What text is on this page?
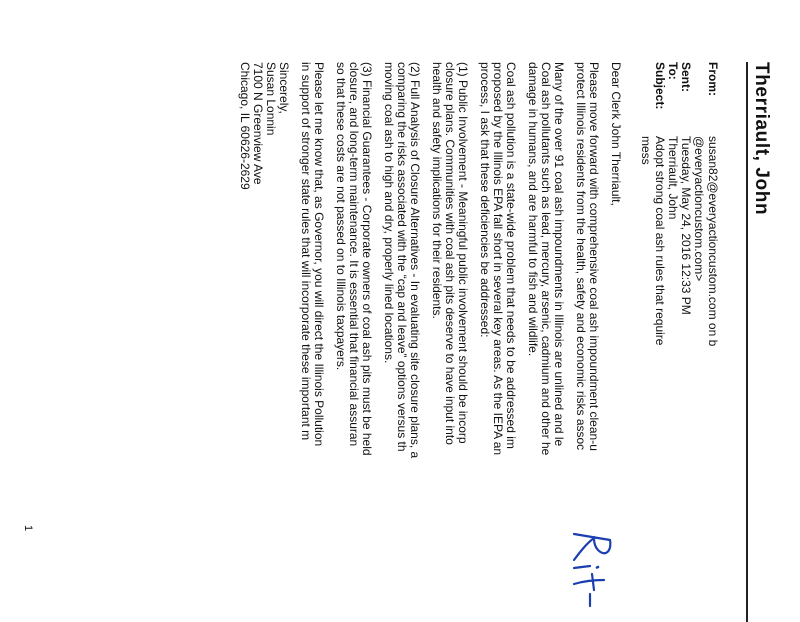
Therriault, John
From:
susan82@everyactioncustom.com on b
@everyactioncustom.com>
Sent:
Tuesday, May 24, 2016 12:33 PM
To:
Therriault, John
Subject:
Adopt strong coal ash rules that require
mess
Dear Clerk John Therriault,
Please move forward with comprehensive coal ash impoundment clean-u
protect Illinois residents from the health, safety and economic risks assoc
Many of the over 91 coal ash impoundments in Illinois are unlined and le
Coal ash pollutants such as lead, mercury, arsenic, cadmium and other he
damage in humans, and are harmful to fish and wildlife.
Coal ash pollution is a state-wide problem that needs to be addressed im
proposed by the Illinois EPA fall short in several key areas. As the IEPA an
process, I ask that these deficiencies be addressed:
(1) Public Involvement - Meaningful public involvement should be incorp
closure plans. Communities with coal ash pits deserve to have input into
health and safety implications for their residents.
(2) Full Analysis of Closure Alternatives - In evaluating site closure plans, a
comparing the risks associated with the “cap and leave” options versus th
moving coal ash to high and dry, properly lined locations.
(3) Financial Guarantees - Corporate owners of coal ash pits must be held
closure, and long-term maintenance. It is essential that financial assuran
so that these costs are not passed on to Illinois taxpayers.
Please let me know that, as Governor, you will direct the Illinois Pollution
in support of stronger state rules that will incorporate these important m
Sincerely,
Susan Lonnin
7100 N Greenview Ave
Chicago, IL 60626-2629
1
